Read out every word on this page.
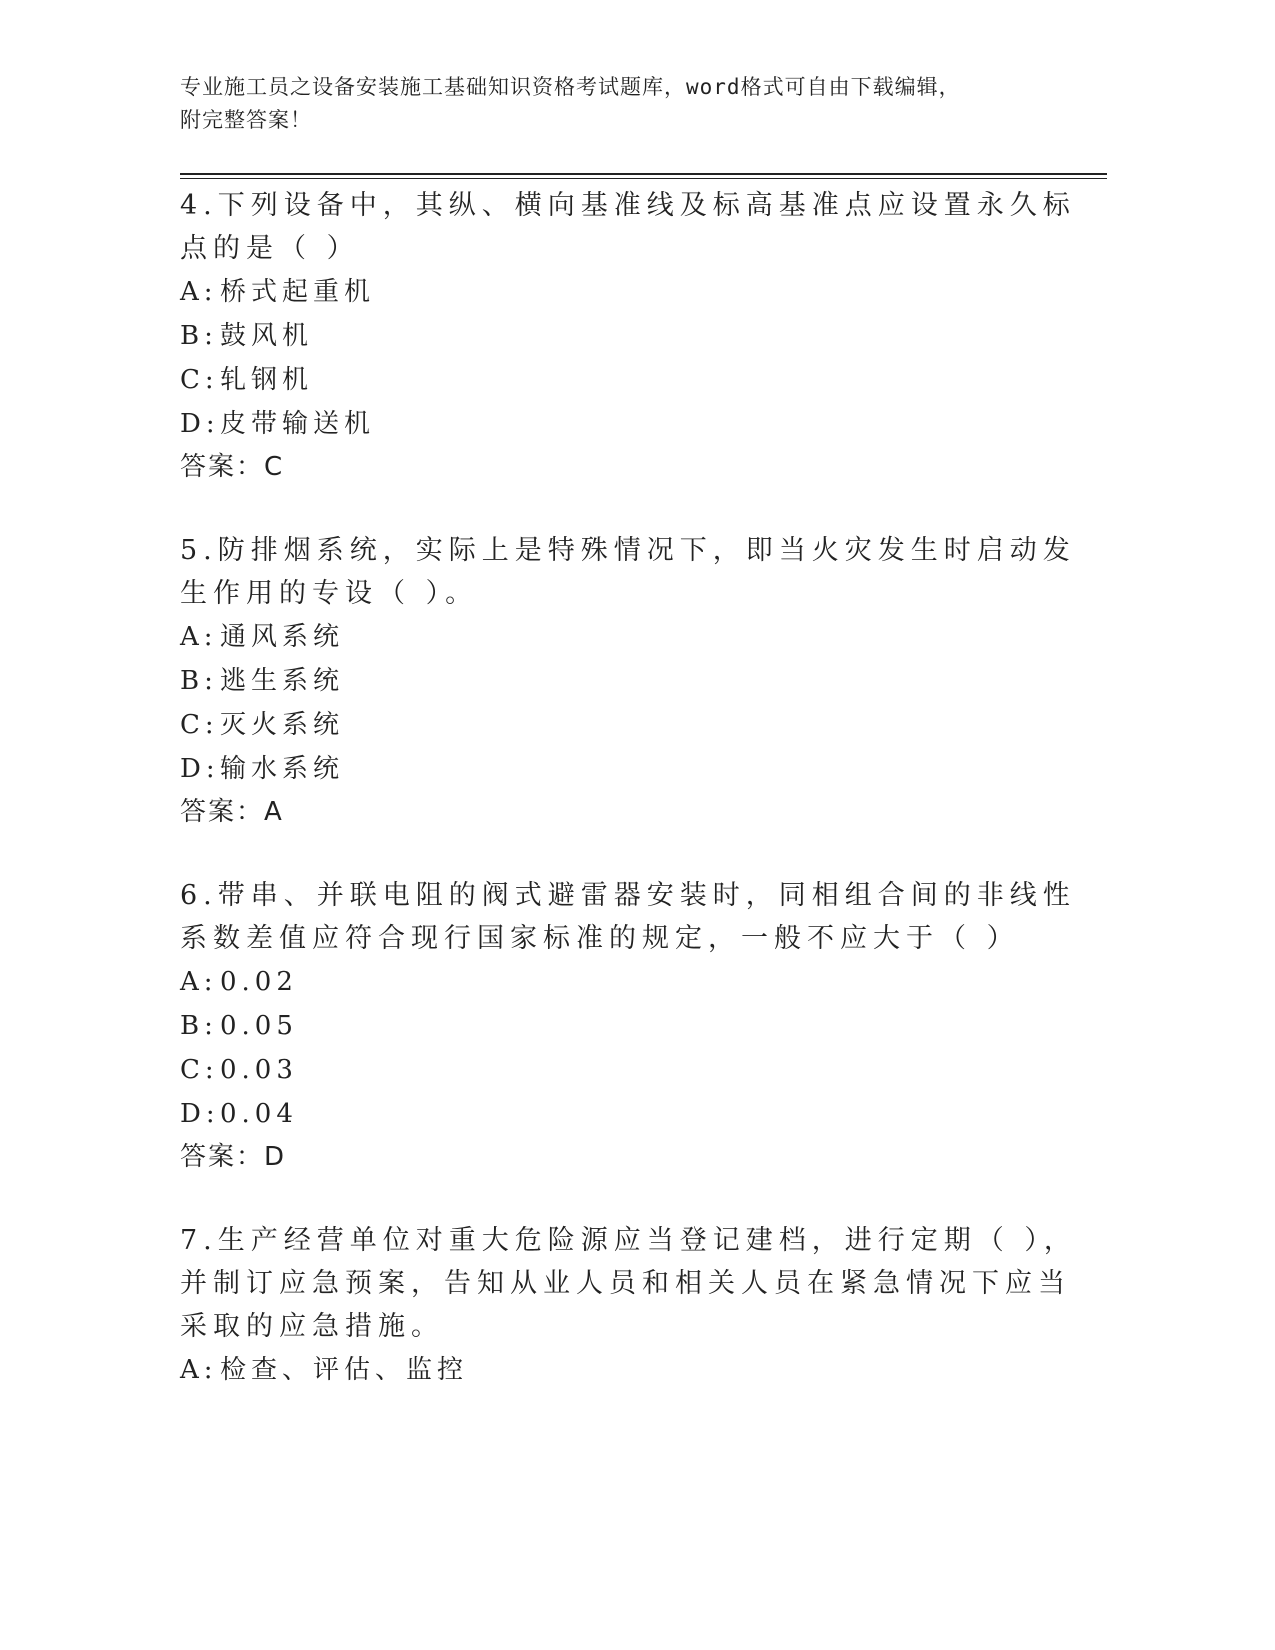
专业施工员之设备安装施工基础知识资格考试题库，word格式可自由下载编辑，
附完整答案！

4.下列设备中，其纵、横向基准线及标高基准点应设置永久标点的是（ ）

A:桥式起重机

B:鼓风机

C:轧钢机

D:皮带输送机

答案：C

5.防排烟系统，实际上是特殊情况下，即当火灾发生时启动发生作用的专设（ ）。

A:通风系统

B:逃生系统

C:灭火系统

D:输水系统

答案：A

6.带串、并联电阻的阀式避雷器安装时，同相组合间的非线性系数差值应符合现行国家标准的规定，一般不应大于（ ）

A:0.02

B:0.05

C:0.03

D:0.04

答案：D

7.生产经营单位对重大危险源应当登记建档，进行定期（ ），并制订应急预案，告知从业人员和相关人员在紧急情况下应当采取的应急措施。

A:检查、评估、监控
